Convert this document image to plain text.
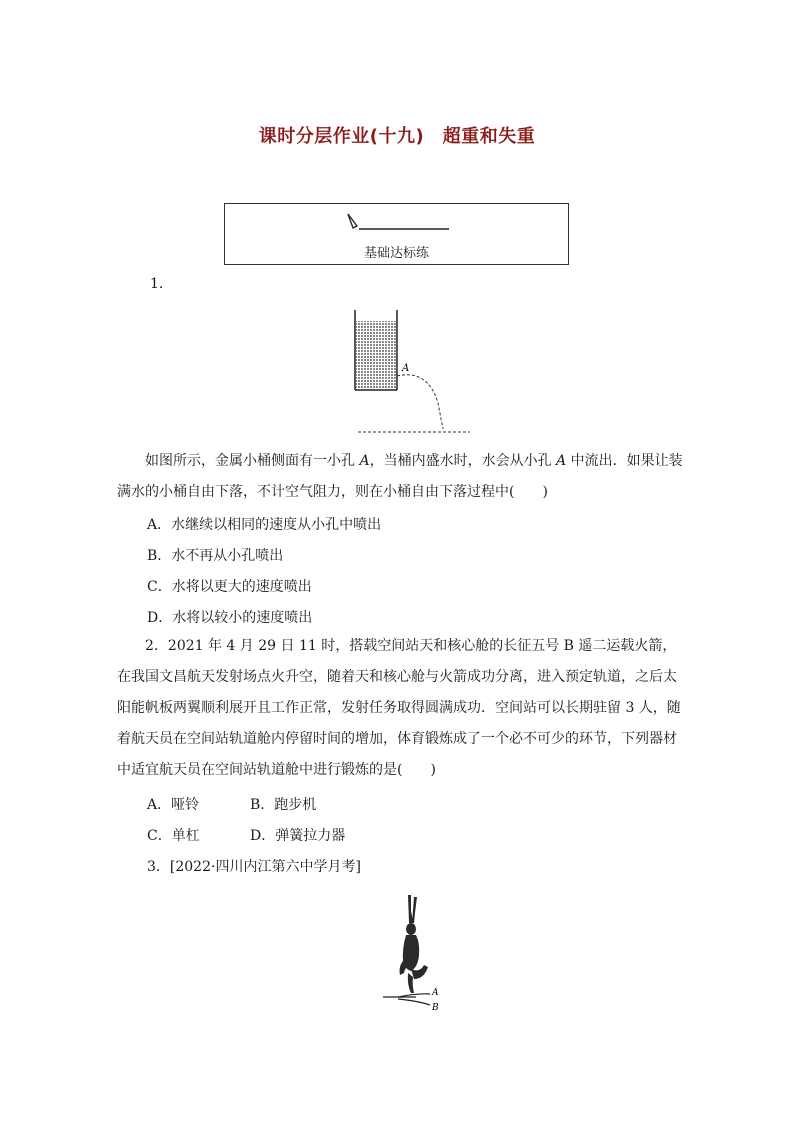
课时分层作业(十九)　超重和失重
基础达标练
1.
A
如图所示，金属小桶侧面有一小孔 A，当桶内盛水时，水会从小孔 A 中流出．如果让装满水的小桶自由下落，不计空气阻力，则在小桶自由下落过程中(　　)
A．水继续以相同的速度从小孔中喷出
B．水不再从小孔喷出
C．水将以更大的速度喷出
D．水将以较小的速度喷出
2．2021 年 4 月 29 日 11 时，搭载空间站天和核心舱的长征五号 B 遥二运载火箭，在我国文昌航天发射场点火升空，随着天和核心舱与火箭成功分离，进入预定轨道，之后太阳能帆板两翼顺利展开且工作正常，发射任务取得圆满成功．空间站可以长期驻留 3 人，随着航天员在空间站轨道舱内停留时间的增加，体育锻炼成了一个必不可少的环节，下列器材中适宜航天员在空间站轨道舱中进行锻炼的是(　　)
A．哑铃	B．跑步机
C．单杠	D．弹簧拉力器
3．[2022·四川内江第六中学月考]
A
B
